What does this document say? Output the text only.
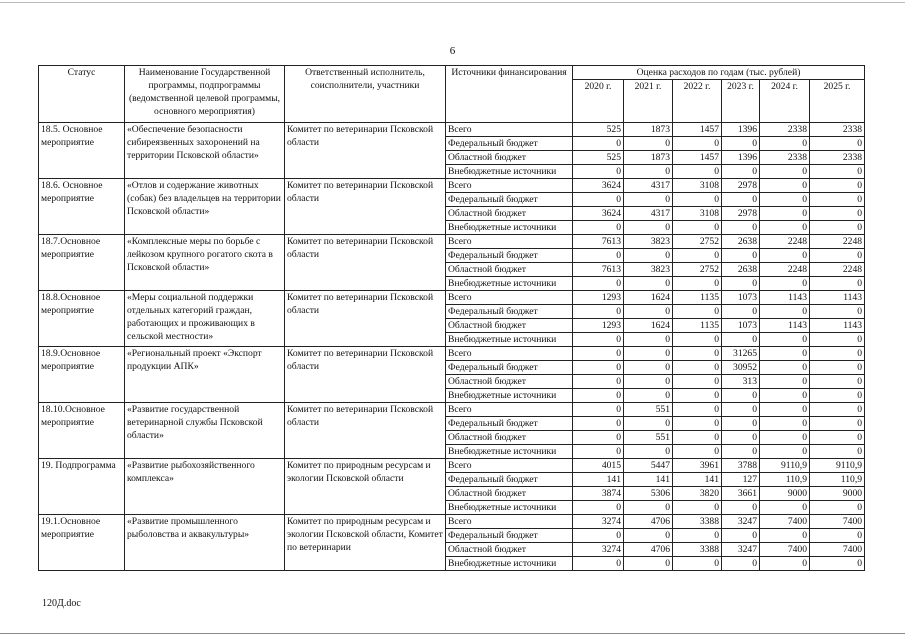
6
Статус	Наименование Государственной программы, подпрограммы (ведомственной целевой программы, основного мероприятия)	Ответственный исполнитель, соисполнители, участники	Источники финансирования	Оценка расходов по годам (тыс. рублей)					
				2020 г.	2021 г.	2022 г.	2023 г.	2024 г.	2025 г.
18.5. Основное мероприятие	«Обеспечение безопасности сибиреязвенных захоронений на территории Псковской области»	Комитет по ветеринарии Псковской области	Всего	525	1873	1457	1396	2338	2338
			Федеральный бюджет	0	0	0	0	0	0
			Областной бюджет	525	1873	1457	1396	2338	2338
			Внебюджетные источники	0	0	0	0	0	0
18.6. Основное мероприятие	«Отлов и содержание животных (собак) без владельцев на территории Псковской области»	Комитет по ветеринарии Псковской области	Всего	3624	4317	3108	2978	0	0
			Федеральный бюджет	0	0	0	0	0	0
			Областной бюджет	3624	4317	3108	2978	0	0
			Внебюджетные источники	0	0	0	0	0	0
18.7.Основное мероприятие	«Комплексные меры по борьбе с лейкозом крупного рогатого скота в Псковской области»	Комитет по ветеринарии Псковской области	Всего	7613	3823	2752	2638	2248	2248
			Федеральный бюджет	0	0	0	0	0	0
			Областной бюджет	7613	3823	2752	2638	2248	2248
			Внебюджетные источники	0	0	0	0	0	0
18.8.Основное мероприятие	«Меры социальной поддержки отдельных категорий граждан, работающих и проживающих в сельской местности»	Комитет по ветеринарии Псковской области	Всего	1293	1624	1135	1073	1143	1143
			Федеральный бюджет	0	0	0	0	0	0
			Областной бюджет	1293	1624	1135	1073	1143	1143
			Внебюджетные источники	0	0	0	0	0	0
18.9.Основное мероприятие	«Региональный проект «Экспорт продукции АПК»	Комитет по ветеринарии Псковской области	Всего	0	0	0	31265	0	0
			Федеральный бюджет	0	0	0	30952	0	0
			Областной бюджет	0	0	0	313	0	0
			Внебюджетные источники	0	0	0	0	0	0
18.10.Основное мероприятие	«Развитие государственной ветеринарной службы Псковской области»	Комитет по ветеринарии Псковской области	Всего	0	551	0	0	0	0
			Федеральный бюджет	0	0	0	0	0	0
			Областной бюджет	0	551	0	0	0	0
			Внебюджетные источники	0	0	0	0	0	0
19. Подпрограмма	«Развитие рыбохозяйственного комплекса»	Комитет по природным ресурсам и экологии Псковской области	Всего	4015	5447	3961	3788	9110,9	9110,9
			Федеральный бюджет	141	141	141	127	110,9	110,9
			Областной бюджет	3874	5306	3820	3661	9000	9000
			Внебюджетные источники	0	0	0	0	0	0
19.1.Основное мероприятие	«Развитие промышленного рыболовства и аквакультуры»	Комитет по природным ресурсам и экологии Псковской области, Комитет по ветеринарии	Всего	3274	4706	3388	3247	7400	7400
			Федеральный бюджет	0	0	0	0	0	0
			Областной бюджет	3274	4706	3388	3247	7400	7400
			Внебюджетные источники	0	0	0	0	0	0
120Д.doc
